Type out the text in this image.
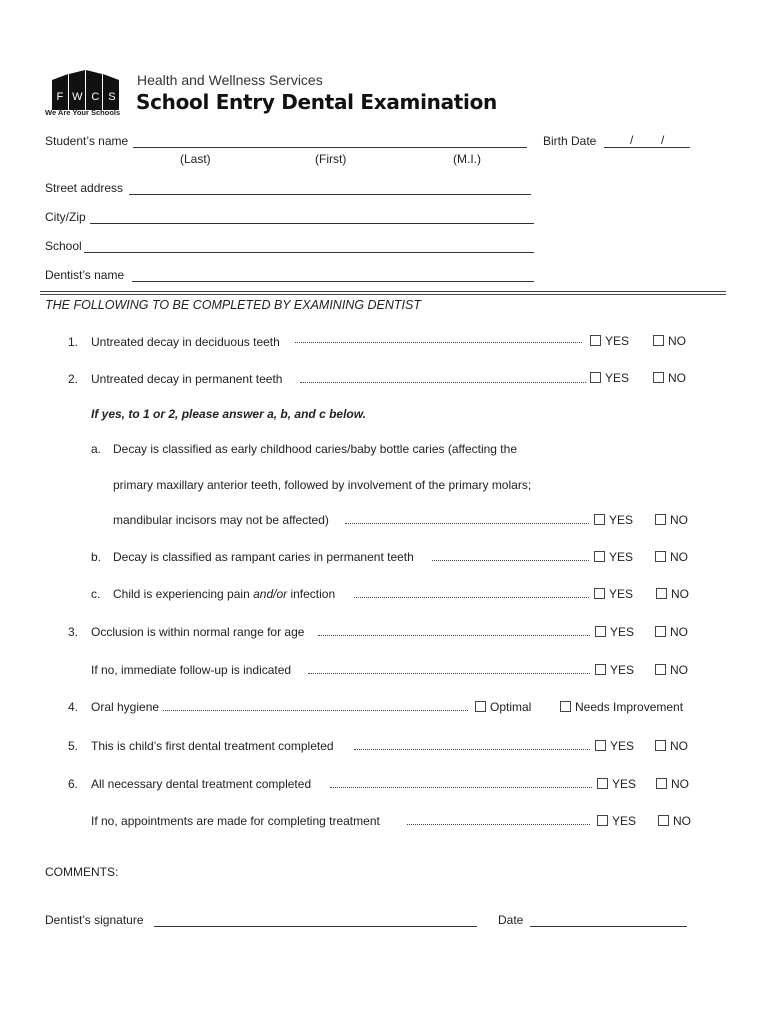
F W C S
We Are Your Schools
Health and Wellness Services
School Entry Dental Examination
Student’s name
(Last)	(First)	(M.I.)
Birth Date	/ /
Street address
City/Zip
School
Dentist’s name
THE FOLLOWING TO BE COMPLETED BY EXAMINING DENTIST
1. Untreated decay in deciduous teeth	YES	NO
2. Untreated decay in permanent teeth	YES	NO
If yes, to 1 or 2, please answer a, b, and c below.
a. Decay is classified as early childhood caries/baby bottle caries (affecting the
primary maxillary anterior teeth, followed by involvement of the primary molars;
mandibular incisors may not be affected)	YES	NO
b. Decay is classified as rampant caries in permanent teeth	YES	NO
c. Child is experiencing pain and/or infection	YES	NO
3. Occlusion is within normal range for age	YES	NO
If no, immediate follow-up is indicated	YES	NO
4. Oral hygiene	Optimal	Needs Improvement
5. This is child’s first dental treatment completed	YES	NO
6. All necessary dental treatment completed	YES	NO
If no, appointments are made for completing treatment	YES	NO
COMMENTS:
Dentist’s signature	Date
